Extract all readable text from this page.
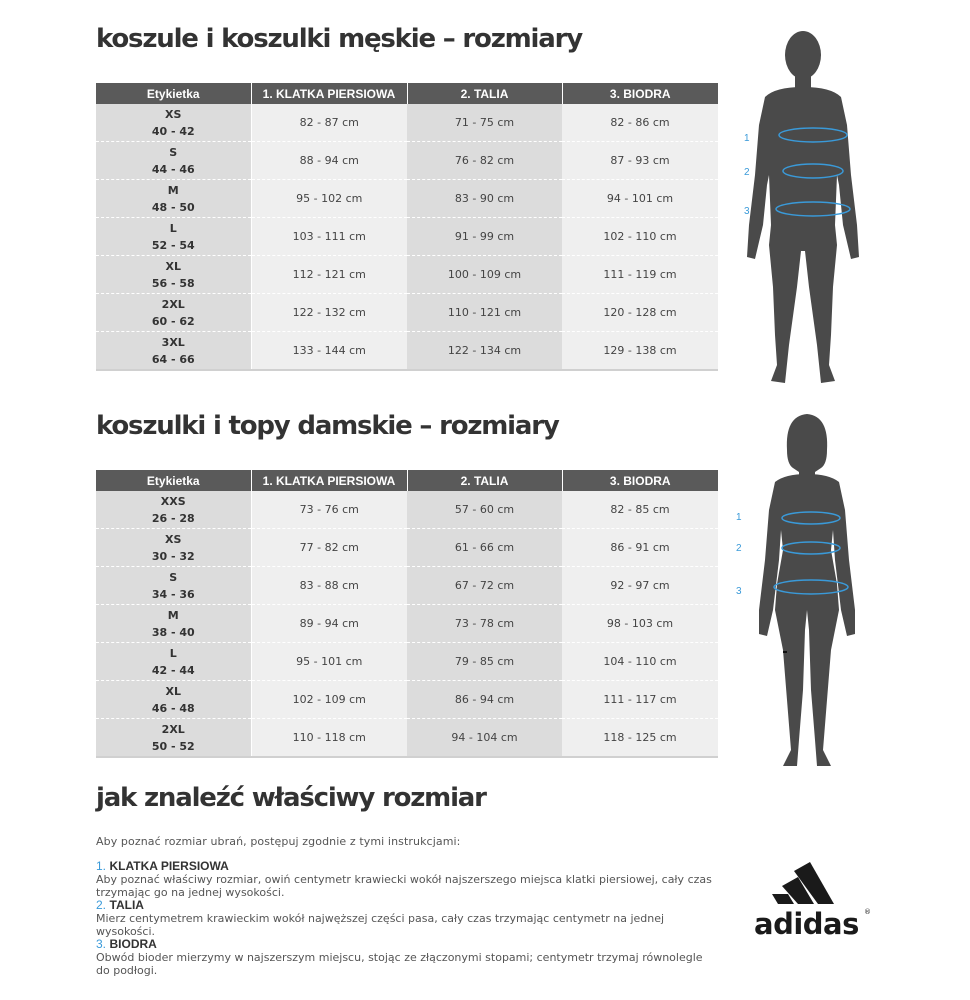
koszule i koszulki męskie – rozmiary
Etykietka	1. KLATKA PIERSIOWA	2. TALIA	3. BIODRA

XS
40 - 42	82 - 87 cm	71 - 75 cm	82 - 86 cm

S
44 - 46	88 - 94 cm	76 - 82 cm	87 - 93 cm

M
48 - 50	95 - 102 cm	83 - 90 cm	94 - 101 cm

L
52 - 54	103 - 111 cm	91 - 99 cm	102 - 110 cm

XL
56 - 58	112 - 121 cm	100 - 109 cm	111 - 119 cm

2XL
60 - 62	122 - 132 cm	110 - 121 cm	120 - 128 cm

3XL
64 - 66	133 - 144 cm	122 - 134 cm	129 - 138 cm
1
2
3
koszulki i topy damskie – rozmiary
Etykietka	1. KLATKA PIERSIOWA	2. TALIA	3. BIODRA

XXS
26 - 28	73 - 76 cm	57 - 60 cm	82 - 85 cm

XS
30 - 32	77 - 82 cm	61 - 66 cm	86 - 91 cm

S
34 - 36	83 - 88 cm	67 - 72 cm	92 - 97 cm

M
38 - 40	89 - 94 cm	73 - 78 cm	98 - 103 cm

L
42 - 44	95 - 101 cm	79 - 85 cm	104 - 110 cm

XL
46 - 48	102 - 109 cm	86 - 94 cm	111 - 117 cm

2XL
50 - 52	110 - 118 cm	94 - 104 cm	118 - 125 cm
1
2
3
jak znaleźć właściwy rozmiar
Aby poznać rozmiar ubrań, postępuj zgodnie z tymi instrukcjami:
1. KLATKA PIERSIOWA
Aby poznać właściwy rozmiar, owiń centymetr krawiecki wokół najszerszego miejsca klatki piersiowej, cały czas trzymając go na jednej wysokości.
2. TALIA
Mierz centymetrem krawieckim wokół najwęższej części pasa, cały czas trzymając centymetr na jednej wysokości.
3. BIODRA
Obwód bioder mierzymy w najszerszym miejscu, stojąc ze złączonymi stopami; centymetr trzymaj równolegle do podłogi.
adidas ®
